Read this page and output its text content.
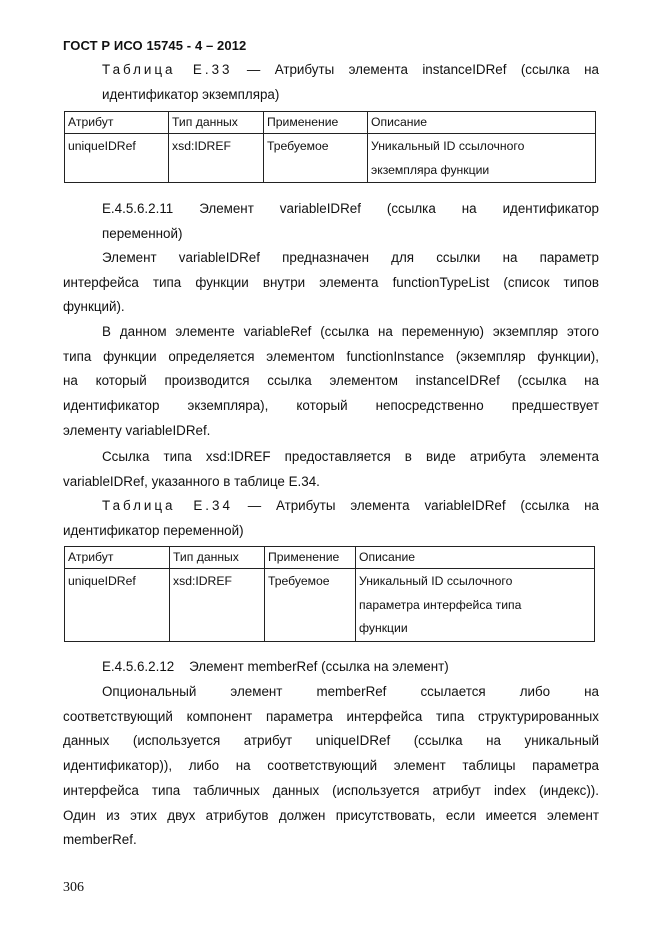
ГОСТ Р ИСО 15745 - 4 – 2012
Таблица Е.33 — Атрибуты элемента instanceIDRef (ссылка на
идентификатор экземпляра)
Атрибут	Тип данных	Применение	Описание
uniqueIDRef	xsd:IDREF	Требуемое	Уникальный ID ссылочного
экземпляра функции
Е.4.5.6.2.11 Элемент variableIDRef (ссылка на идентификатор
переменной)
Элемент variableIDRef предназначен для ссылки на параметр
интерфейса типа функции внутри элемента functionTypeList (список типов
функций).
В данном элементе variableRef (ссылка на переменную) экземпляр этого
типа функции определяется элементом functionInstance (экземпляр функции),
на который производится ссылка элементом instanceIDRef (ссылка на
идентификатор экземпляра), который непосредственно предшествует
элементу variableIDRef.
Ссылка типа xsd:IDREF предоставляется в виде атрибута элемента
variableIDRef, указанного в таблице Е.34.
Таблица Е.34 — Атрибуты элемента variableIDRef (ссылка на
идентификатор переменной)
Атрибут	Тип данных	Применение	Описание
uniqueIDRef	xsd:IDREF	Требуемое	Уникальный ID ссылочного
параметра интерфейса типа
функции
Е.4.5.6.2.12    Элемент memberRef (ссылка на элемент)
Опциональный элемент memberRef ссылается либо на
соответствующий компонент параметра интерфейса типа структурированных
данных (используется атрибут uniqueIDRef (ссылка на уникальный
идентификатор)), либо на соответствующий элемент таблицы параметра
интерфейса типа табличных данных (используется атрибут index (индекс)).
Один из этих двух атрибутов должен присутствовать, если имеется элемент
memberRef.
306
